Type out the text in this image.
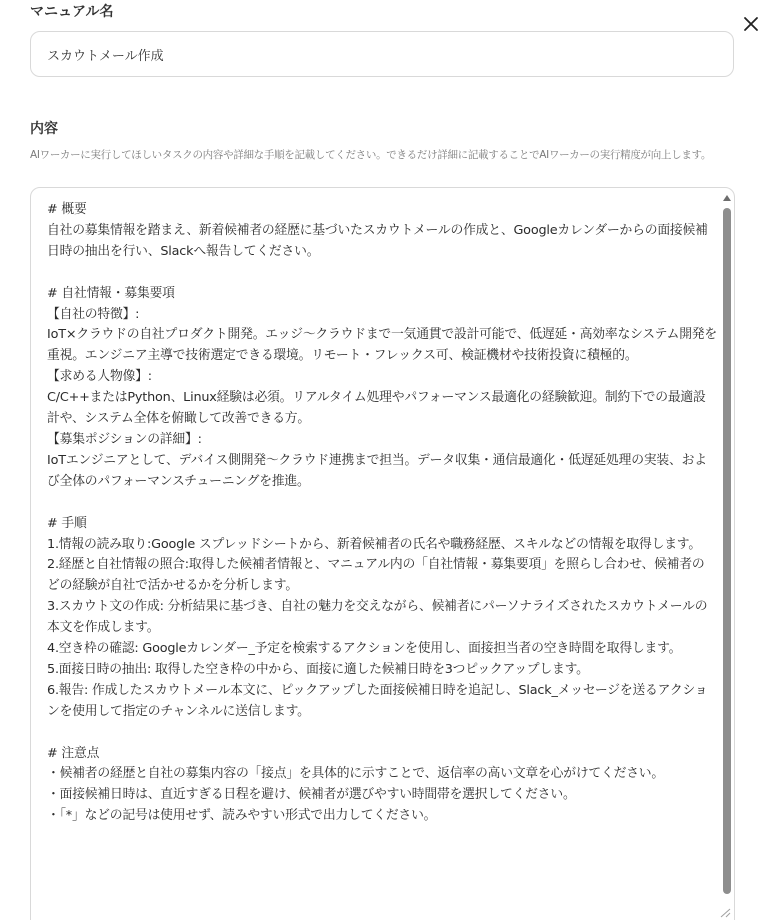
マニュアル名
スカウトメール作成
内容
AIワーカーに実行してほしいタスクの内容や詳細な手順を記載してください。できるだけ詳細に記載することでAIワーカーの実行精度が向上します。
# 概要
自社の募集情報を踏まえ、新着候補者の経歴に基づいたスカウトメールの作成と、Googleカレンダーからの面接候補日時の抽出を行い、Slackへ報告してください。

# 自社情報・募集要項
【自社の特徴】:
IoT×クラウドの自社プロダクト開発。エッジ〜クラウドまで一気通貫で設計可能で、低遅延・高効率なシステム開発を重視。エンジニア主導で技術選定できる環境。リモート・フレックス可、検証機材や技術投資に積極的。
【求める人物像】:
C/C++またはPython、Linux経験は必須。リアルタイム処理やパフォーマンス最適化の経験歓迎。制約下での最適設計や、システム全体を俯瞰して改善できる方。
【募集ポジションの詳細】:
IoTエンジニアとして、デバイス側開発〜クラウド連携まで担当。データ収集・通信最適化・低遅延処理の実装、および全体のパフォーマンスチューニングを推進。

# 手順
1.情報の読み取り:Google スプレッドシートから、新着候補者の氏名や職務経歴、スキルなどの情報を取得します。
2.経歴と自社情報の照合:取得した候補者情報と、マニュアル内の「自社情報・募集要項」を照らし合わせ、候補者のどの経験が自社で活かせるかを分析します。
3.スカウト文の作成: 分析結果に基づき、自社の魅力を交えながら、候補者にパーソナライズされたスカウトメールの本文を作成します。
4.空き枠の確認: Googleカレンダー_予定を検索するアクションを使用し、面接担当者の空き時間を取得します。
5.面接日時の抽出: 取得した空き枠の中から、面接に適した候補日時を3つピックアップします。
6.報告: 作成したスカウトメール本文に、ピックアップした面接候補日時を追記し、Slack_メッセージを送るアクションを使用して指定のチャンネルに送信します。

# 注意点
・候補者の経歴と自社の募集内容の「接点」を具体的に示すことで、返信率の高い文章を心がけてください。
・面接候補日時は、直近すぎる日程を避け、候補者が選びやすい時間帯を選択してください。
・「*」などの記号は使用せず、読みやすい形式で出力してください。
